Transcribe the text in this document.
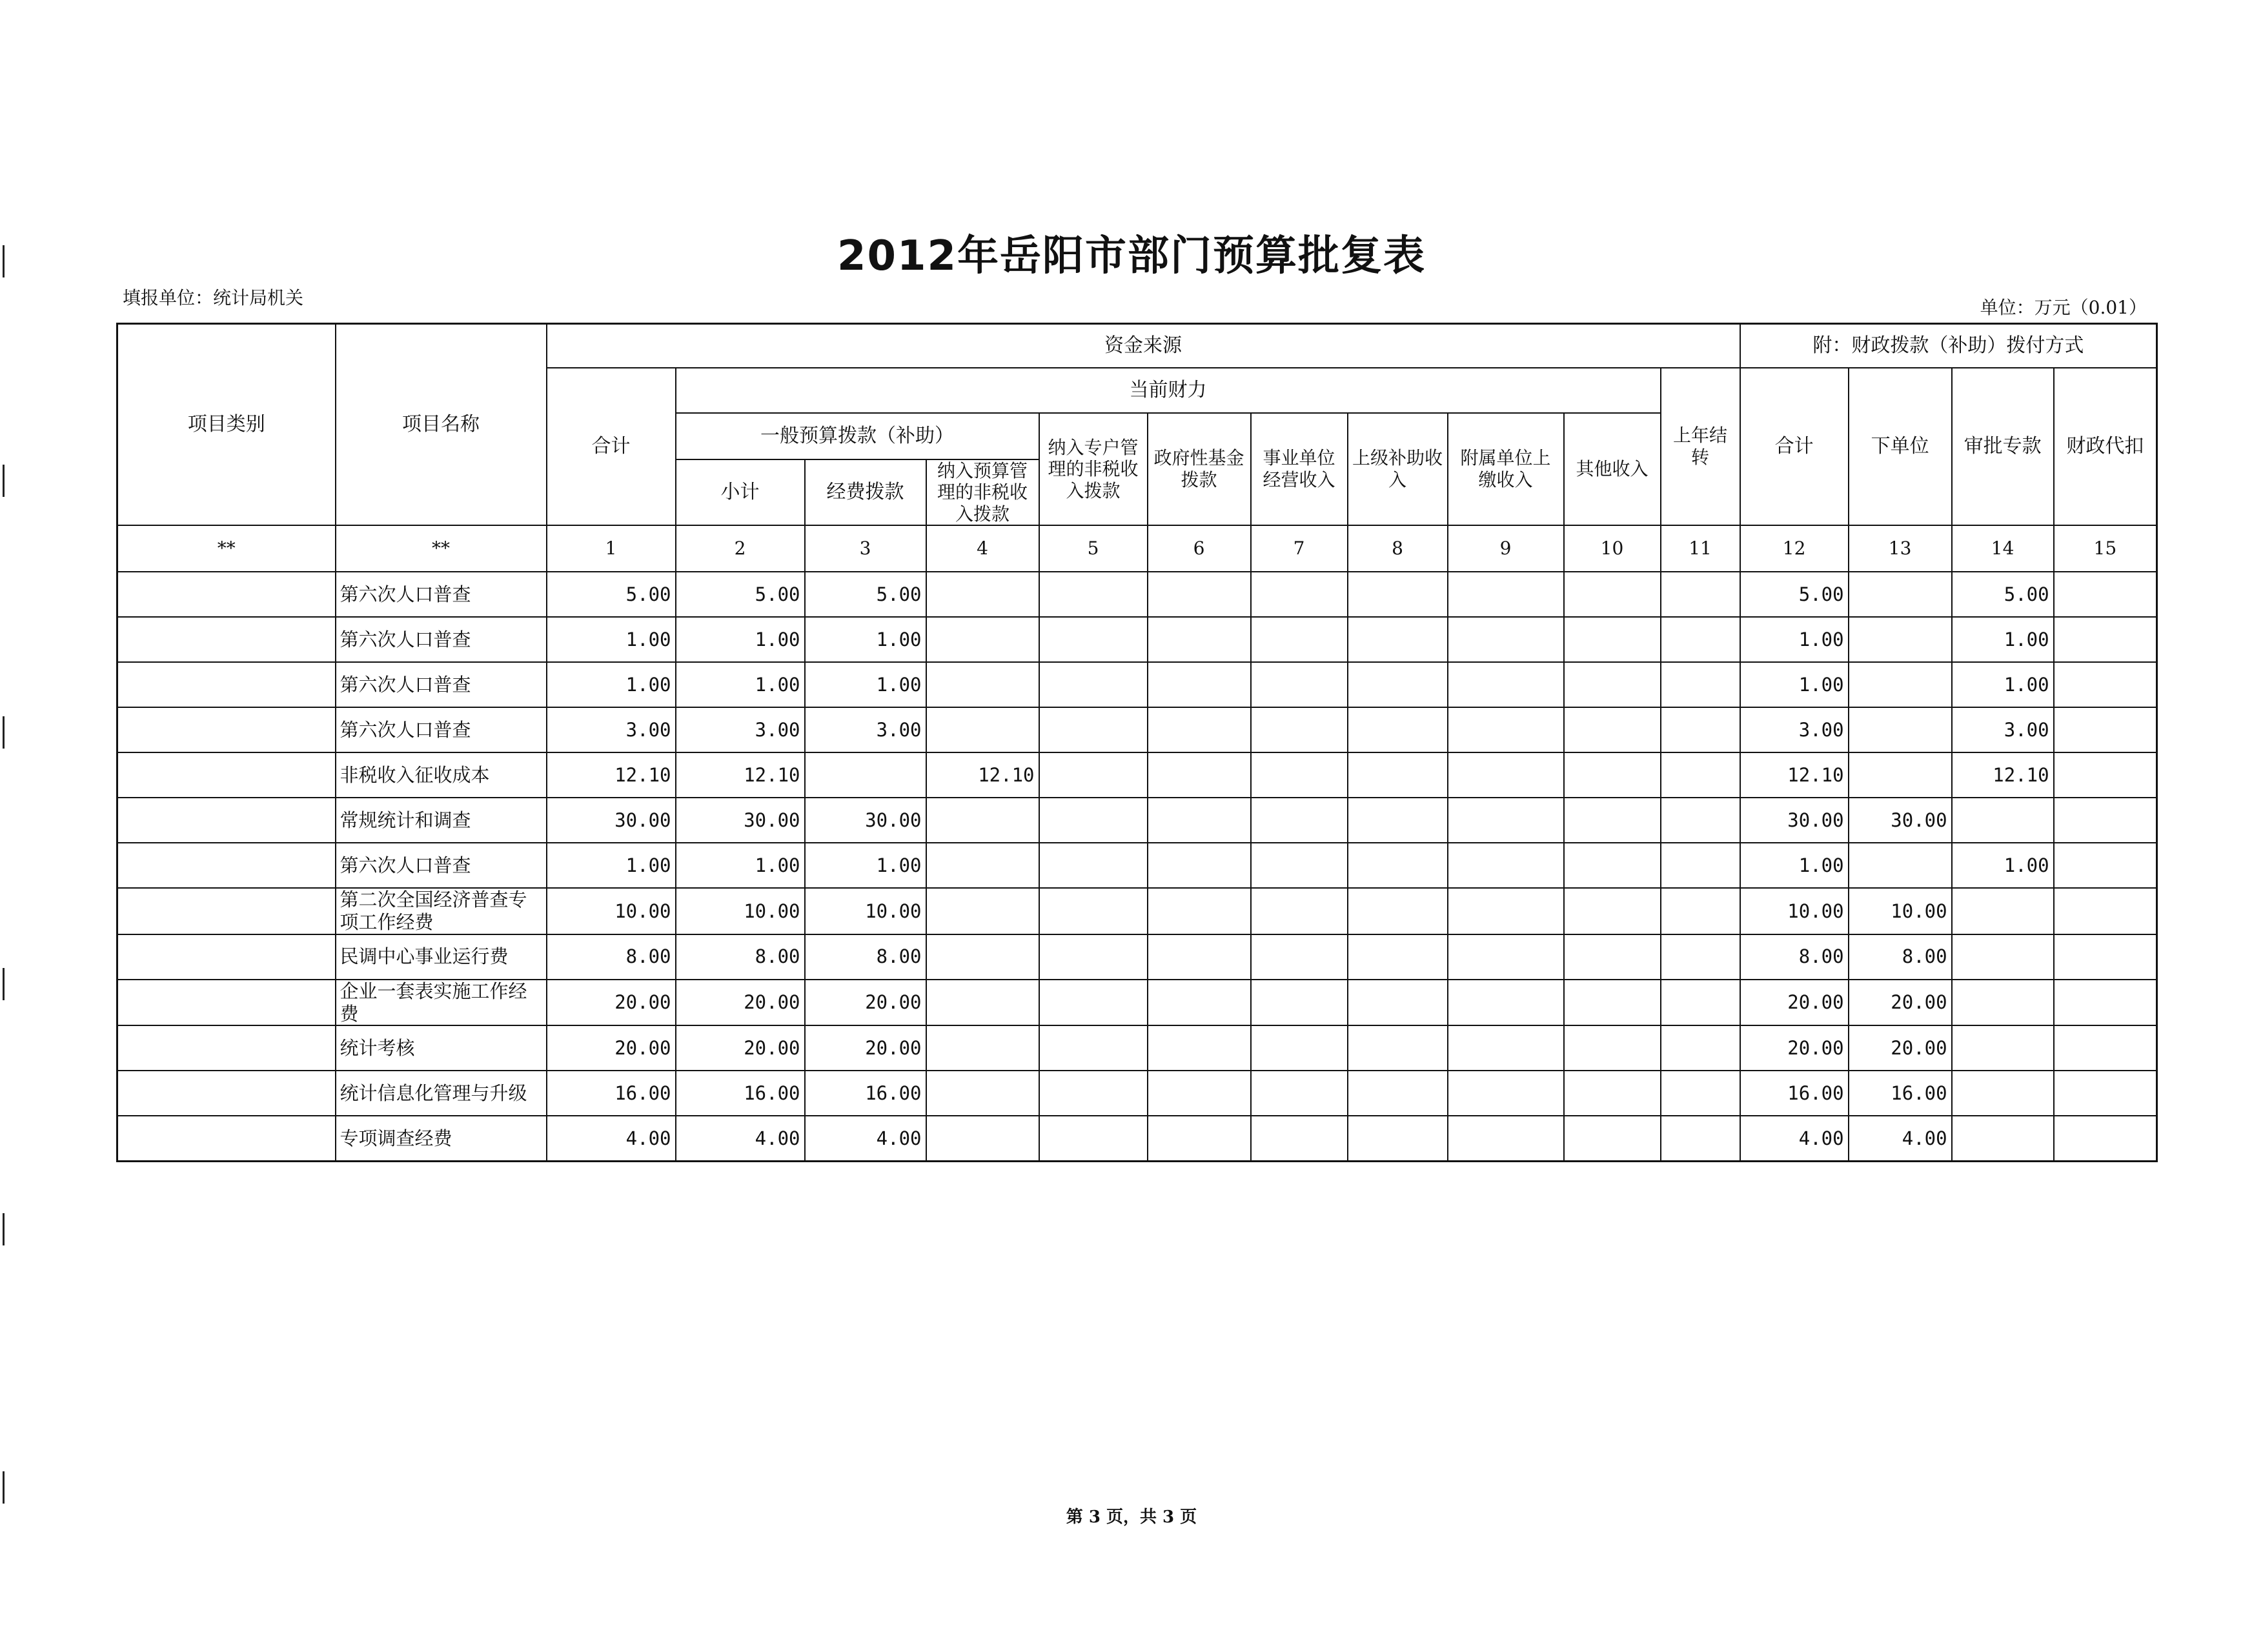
2012年岳阳市部门预算批复表
填报单位：统计局机关	单位：万元（0.01）
项目类别	项目名称	资金来源											附：财政拨款（补助）拨付方式			
		合计	当前财力									上年结转	合计	下单位	审批专款	财政代扣
			一般预算拨款（补助）			纳入专户管理的非税收入拨款	政府性基金拨款	事业单位经营收入	上级补助收入	附属单位上缴收入	其他收入					
			小计	经费拨款	纳入预算管理的非税收入拨款											
**	**	1	2	3	4	5	6	7	8	9	10	11	12	13	14	15
	第六次人口普查	5.00	5.00	5.00									5.00		5.00	
	第六次人口普查	1.00	1.00	1.00									1.00		1.00	
	第六次人口普查	1.00	1.00	1.00									1.00		1.00	
	第六次人口普查	3.00	3.00	3.00									3.00		3.00	
	非税收入征收成本	12.10	12.10		12.10								12.10		12.10	
	常规统计和调查	30.00	30.00	30.00									30.00	30.00		
	第六次人口普查	1.00	1.00	1.00									1.00		1.00	
	第二次全国经济普查专项工作经费	10.00	10.00	10.00									10.00	10.00		
	民调中心事业运行费	8.00	8.00	8.00									8.00	8.00		
	企业一套表实施工作经费	20.00	20.00	20.00									20.00	20.00		
	统计考核	20.00	20.00	20.00									20.00	20.00		
	统计信息化管理与升级	16.00	16.00	16.00									16.00	16.00		
	专项调查经费	4.00	4.00	4.00									4.00	4.00		
第 3 页，共 3 页
